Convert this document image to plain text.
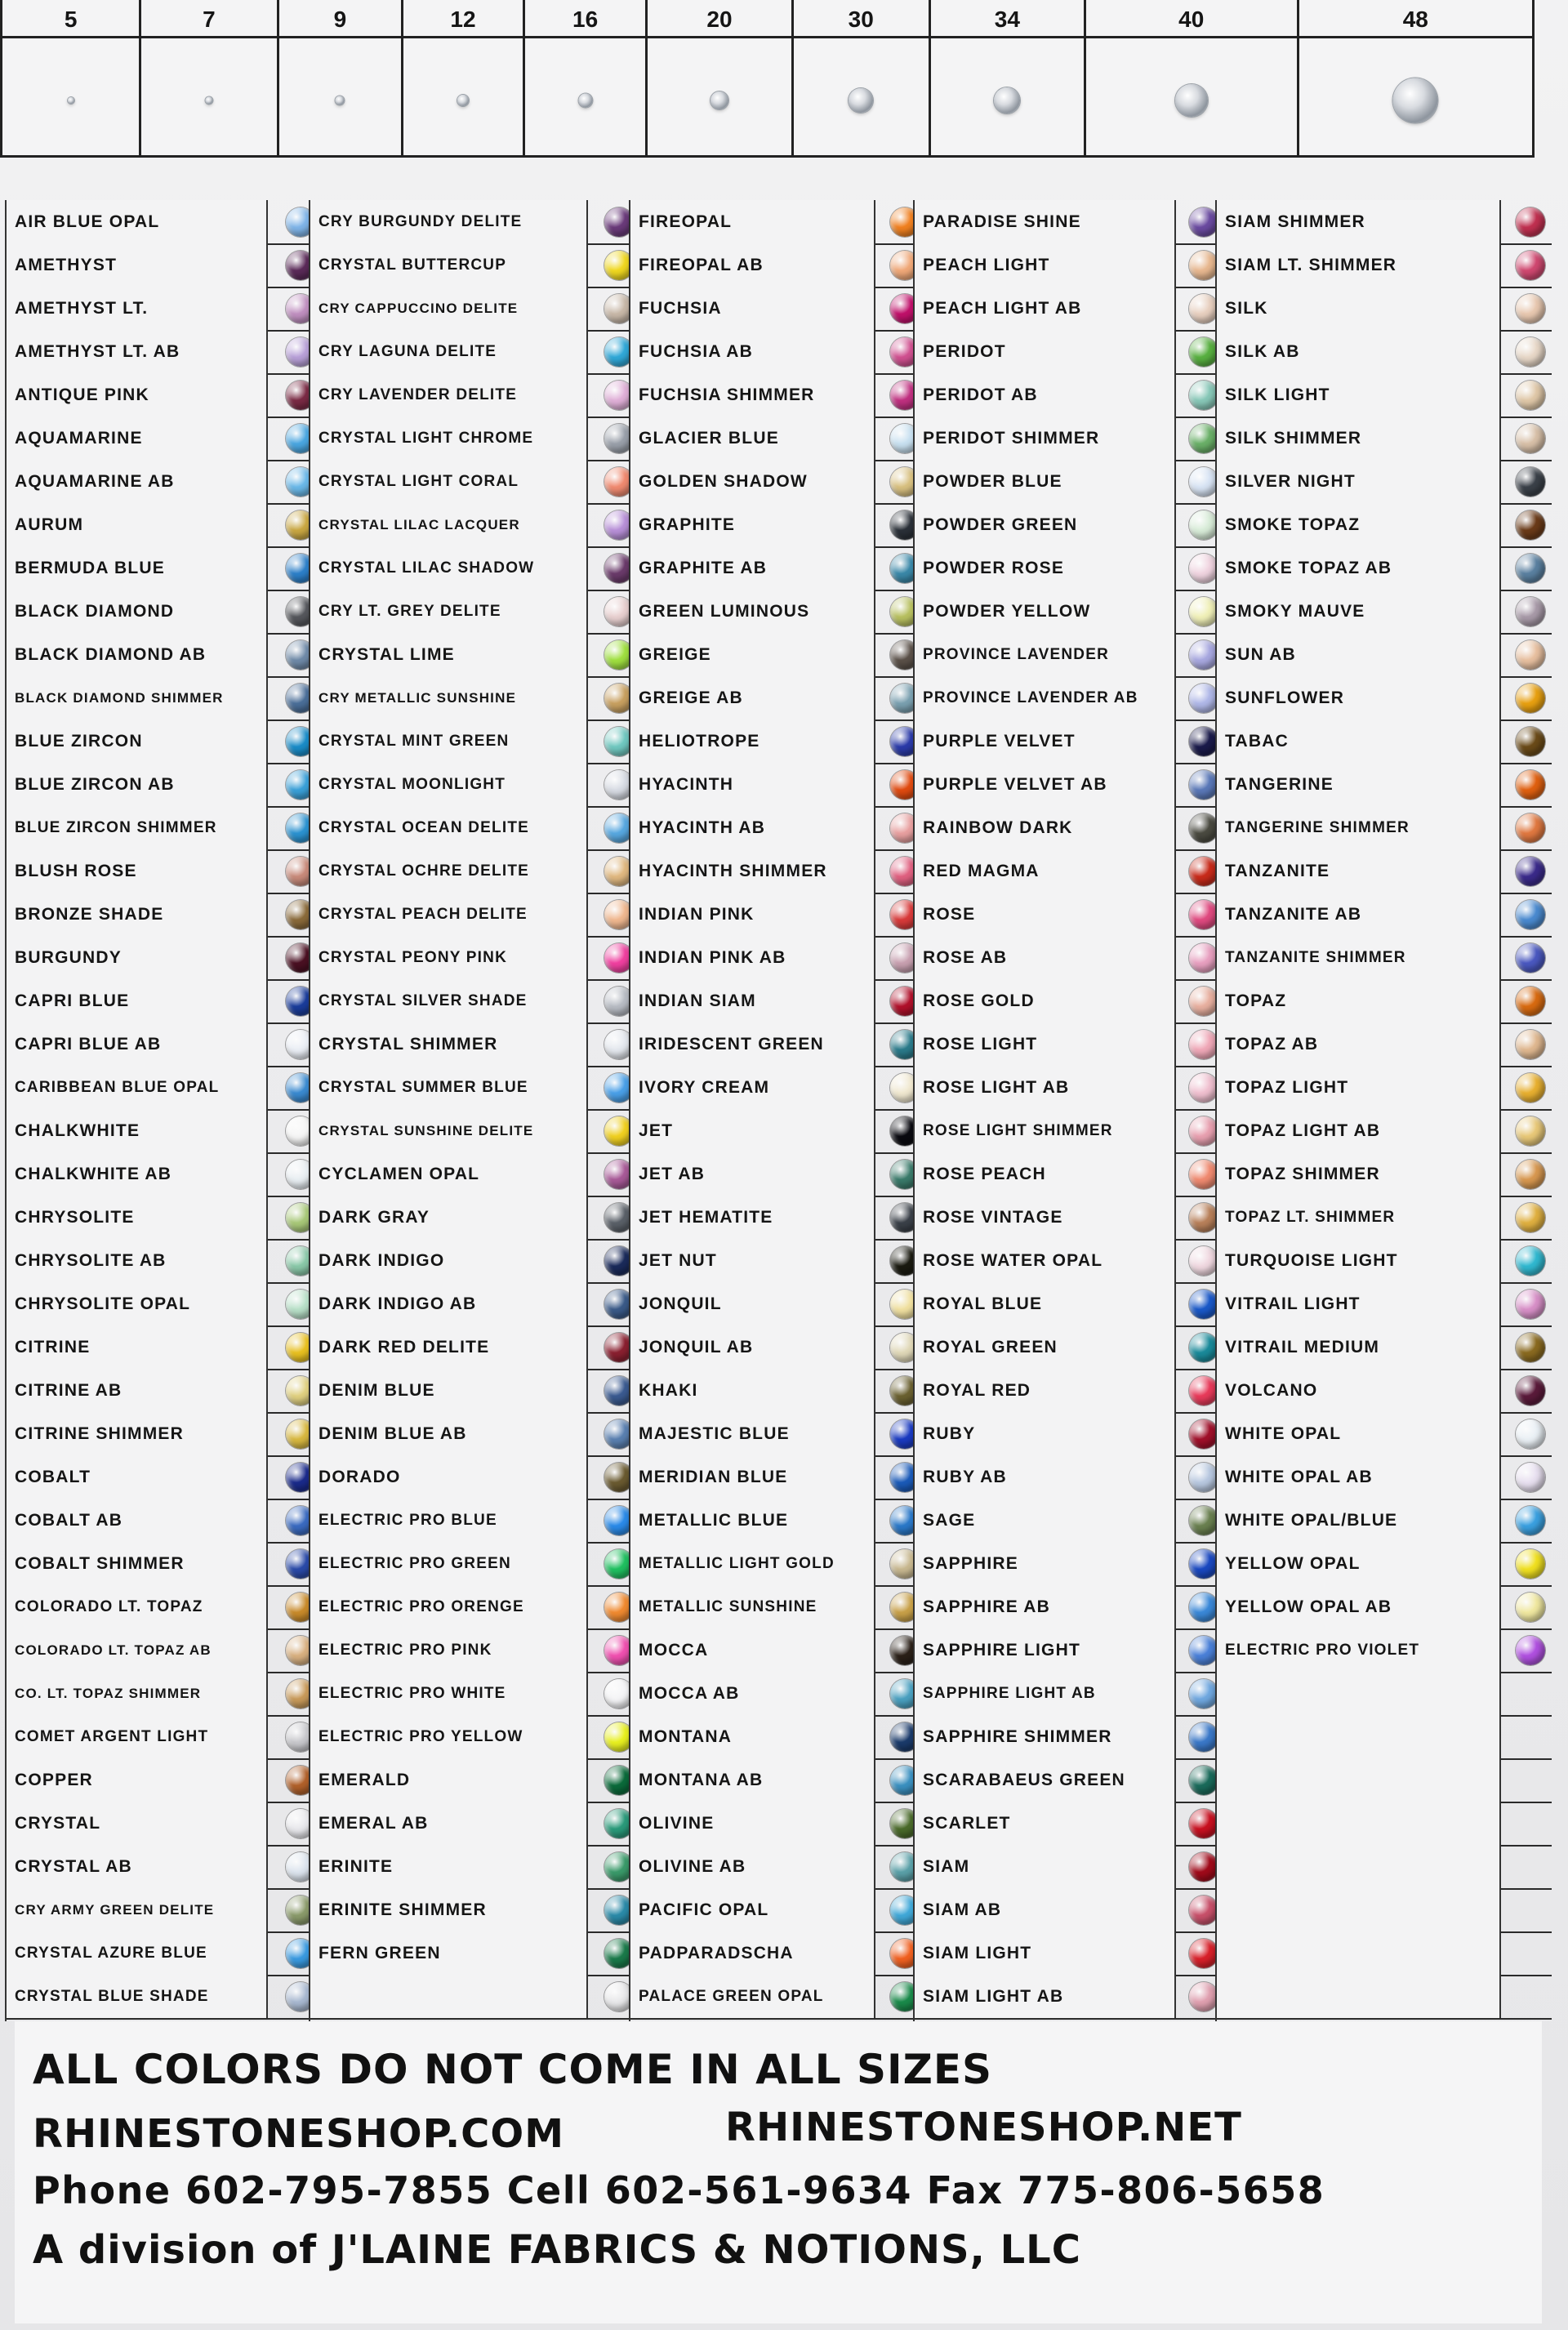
5	7	9	12	16	20	30	34	40	48
AIR BLUE OPAL
AMETHYST
AMETHYST LT.
AMETHYST LT. AB
ANTIQUE PINK
AQUAMARINE
AQUAMARINE AB
AURUM
BERMUDA BLUE
BLACK DIAMOND
BLACK DIAMOND AB
BLACK DIAMOND SHIMMER
BLUE ZIRCON
BLUE ZIRCON AB
BLUE ZIRCON SHIMMER
BLUSH ROSE
BRONZE SHADE
BURGUNDY
CAPRI BLUE
CAPRI BLUE AB
CARIBBEAN BLUE OPAL
CHALKWHITE
CHALKWHITE AB
CHRYSOLITE
CHRYSOLITE AB
CHRYSOLITE OPAL
CITRINE
CITRINE AB
CITRINE SHIMMER
COBALT
COBALT AB
COBALT SHIMMER
COLORADO LT. TOPAZ
COLORADO LT. TOPAZ AB
CO. LT. TOPAZ SHIMMER
COMET ARGENT LIGHT
COPPER
CRYSTAL
CRYSTAL AB
CRY ARMY GREEN DELITE
CRYSTAL AZURE BLUE
CRYSTAL BLUE SHADE
CRY BURGUNDY DELITE
CRYSTAL BUTTERCUP
CRY CAPPUCCINO DELITE
CRY LAGUNA DELITE
CRY LAVENDER DELITE
CRYSTAL LIGHT CHROME
CRYSTAL LIGHT CORAL
CRYSTAL LILAC LACQUER
CRYSTAL LILAC SHADOW
CRY LT. GREY DELITE
CRYSTAL LIME
CRY METALLIC SUNSHINE
CRYSTAL MINT GREEN
CRYSTAL MOONLIGHT
CRYSTAL OCEAN DELITE
CRYSTAL OCHRE DELITE
CRYSTAL PEACH DELITE
CRYSTAL PEONY PINK
CRYSTAL SILVER SHADE
CRYSTAL SHIMMER
CRYSTAL SUMMER BLUE
CRYSTAL SUNSHINE DELITE
CYCLAMEN OPAL
DARK GRAY
DARK INDIGO
DARK INDIGO AB
DARK RED DELITE
DENIM BLUE
DENIM BLUE AB
DORADO
ELECTRIC PRO BLUE
ELECTRIC PRO GREEN
ELECTRIC PRO ORENGE
ELECTRIC PRO PINK
ELECTRIC PRO WHITE
ELECTRIC PRO YELLOW
EMERALD
EMERAL AB
ERINITE
ERINITE SHIMMER
FERN GREEN
FIREOPAL
FIREOPAL AB
FUCHSIA
FUCHSIA AB
FUCHSIA SHIMMER
GLACIER BLUE
GOLDEN SHADOW
GRAPHITE
GRAPHITE AB
GREEN LUMINOUS
GREIGE
GREIGE AB
HELIOTROPE
HYACINTH
HYACINTH AB
HYACINTH SHIMMER
INDIAN PINK
INDIAN PINK AB
INDIAN SIAM
IRIDESCENT GREEN
IVORY CREAM
JET
JET AB
JET HEMATITE
JET NUT
JONQUIL
JONQUIL AB
KHAKI
MAJESTIC BLUE
MERIDIAN BLUE
METALLIC BLUE
METALLIC LIGHT GOLD
METALLIC SUNSHINE
MOCCA
MOCCA AB
MONTANA
MONTANA AB
OLIVINE
OLIVINE AB
PACIFIC OPAL
PADPARADSCHA
PALACE GREEN OPAL
PARADISE SHINE
PEACH LIGHT
PEACH LIGHT AB
PERIDOT
PERIDOT AB
PERIDOT SHIMMER
POWDER BLUE
POWDER GREEN
POWDER ROSE
POWDER YELLOW
PROVINCE LAVENDER
PROVINCE LAVENDER AB
PURPLE VELVET
PURPLE VELVET AB
RAINBOW DARK
RED MAGMA
ROSE
ROSE AB
ROSE GOLD
ROSE LIGHT
ROSE LIGHT AB
ROSE LIGHT SHIMMER
ROSE PEACH
ROSE VINTAGE
ROSE WATER OPAL
ROYAL BLUE
ROYAL GREEN
ROYAL RED
RUBY
RUBY AB
SAGE
SAPPHIRE
SAPPHIRE AB
SAPPHIRE LIGHT
SAPPHIRE LIGHT AB
SAPPHIRE SHIMMER
SCARABAEUS GREEN
SCARLET
SIAM
SIAM AB
SIAM LIGHT
SIAM LIGHT AB
SIAM SHIMMER
SIAM LT. SHIMMER
SILK
SILK AB
SILK LIGHT
SILK SHIMMER
SILVER NIGHT
SMOKE TOPAZ
SMOKE TOPAZ AB
SMOKY MAUVE
SUN AB
SUNFLOWER
TABAC
TANGERINE
TANGERINE SHIMMER
TANZANITE
TANZANITE AB
TANZANITE SHIMMER
TOPAZ
TOPAZ AB
TOPAZ LIGHT
TOPAZ LIGHT AB
TOPAZ SHIMMER
TOPAZ LT. SHIMMER
TURQUOISE LIGHT
VITRAIL LIGHT
VITRAIL MEDIUM
VOLCANO
WHITE OPAL
WHITE OPAL AB
WHITE OPAL/BLUE
YELLOW OPAL
YELLOW OPAL AB
ELECTRIC PRO VIOLET
ALL COLORS DO NOT COME IN ALL SIZES
RHINESTONESHOP.COM	RHINESTONESHOP.NET
Phone 602-795-7855 Cell 602-561-9634 Fax 775-806-5658
A division of J'LAINE FABRICS & NOTIONS, LLC
